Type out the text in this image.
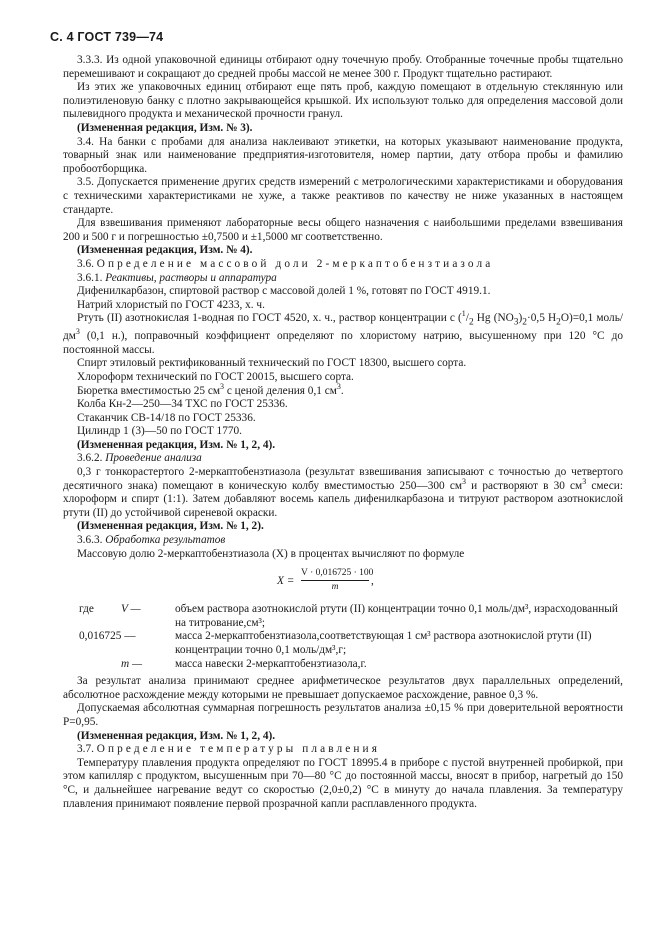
С. 4 ГОСТ 739—74

3.3.3. Из одной упаковочной единицы отбирают одну точечную пробу. Отобранные точечные пробы тщательно перемешивают и сокращают до средней пробы массой не менее 300 г. Продукт тщательно растирают.

Из этих же упаковочных единиц отбирают еще пять проб, каждую помещают в отдельную стеклянную или полиэтиленовую банку с плотно закрывающейся крышкой. Их используют только для определения массовой доли пылевидного продукта и механической прочности гранул.

(Измененная редакция, Изм. № 3).

3.4. На банки с пробами для анализа наклеивают этикетки, на которых указывают наименование продукта, товарный знак или наименование предприятия-изготовителя, номер партии, дату отбора пробы и фамилию пробоотборщика.

3.5. Допускается применение других средств измерений с метрологическими характеристиками и оборудования с техническими характеристиками не хуже, а также реактивов по качеству не ниже указанных в настоящем стандарте.

Для взвешивания применяют лабораторные весы общего назначения с наибольшими пределами взвешивания 200 и 500 г и погрешностью ±0,7500 и ±1,5000 мг соответственно.

(Измененная редакция, Изм. № 4).

3.6. Определение массовой доли 2-меркаптобензтиазола

3.6.1. Реактивы, растворы и аппаратура

Дифенилкарбазон, спиртовой раствор с массовой долей 1 %, готовят по ГОСТ 4919.1.

Натрий хлористый по ГОСТ 4233, х. ч.

Ртуть (II) азотнокислая 1-водная по ГОСТ 4520, х. ч., раствор концентрации c ($^1/_2$ Hg $(NO_3)_2\cdot 0,5$ $H_2O)=0,1$ моль/$дм^3$ (0,1 н.), поправочный коэффициент определяют по хлористому натрию, высушенному при 120 °С до постоянной массы.

Спирт этиловый ректификованный технический по ГОСТ 18300, высшего сорта.

Хлороформ технический по ГОСТ 20015, высшего сорта.

Бюретка вместимостью 25 $см^3$ с ценой деления 0,1 $см^3$.

Колба Кн-2—250—34 ТХС по ГОСТ 25336.

Стаканчик СВ-14/18 по ГОСТ 25336.

Цилиндр 1 (3)—50 по ГОСТ 1770.

(Измененная редакция, Изм. № 1, 2, 4).

3.6.2. Проведение анализа

0,3 г тонкорастертого 2-меркаптобензтиазола (результат взвешивания записывают с точностью до четвертого десятичного знака) помещают в коническую колбу вместимостью 250—300 $см^3$ и растворяют в 30 $см^3$ смеси: хлороформ и спирт (1:1). Затем добавляют восемь капель дифенилкарбазона и титруют раствором азотнокислой ртути (II) до устойчивой сиреневой окраски.

(Измененная редакция, Изм. № 1, 2).

3.6.3. Обработка результатов

Массовую долю 2-меркаптобензтиазола (X) в процентах вычисляют по формуле

$X = \frac{V \cdot 0,016725 \cdot 100}{m}$ ,
где	V —	объем раствора азотнокислой ртути (II) концентрации точно 0,1 моль/дм³, израсходованный на титрование,см³;
0,016725 —		масса 2-меркаптобензтиазола,соответствующая 1 см³ раствора азотнокислой ртути (II) концентрации точно 0,1 моль/дм³,г;
	m —	масса навески 2-меркаптобензтиазола,г.

За результат анализа принимают среднее арифметическое результатов двух параллельных определений, абсолютное расхождение между которыми не превышает допускаемое расхождение, равное 0,3 %.

Допускаемая абсолютная суммарная погрешность результатов анализа ±0,15 % при доверительной вероятности P=0,95.

(Измененная редакция, Изм. № 1, 2, 4).

3.7. Определение температуры плавления

Температуру плавления продукта определяют по ГОСТ 18995.4 в приборе с пустой внутренней пробиркой, при этом капилляр с продуктом, высушенным при 70—80 °С до постоянной массы, вносят в прибор, нагретый до 150 °С, и дальнейшее нагревание ведут со скоростью (2,0±0,2) °С в минуту до начала плавления. За температуру плавления принимают появление первой прозрачной капли расплавленного продукта.
